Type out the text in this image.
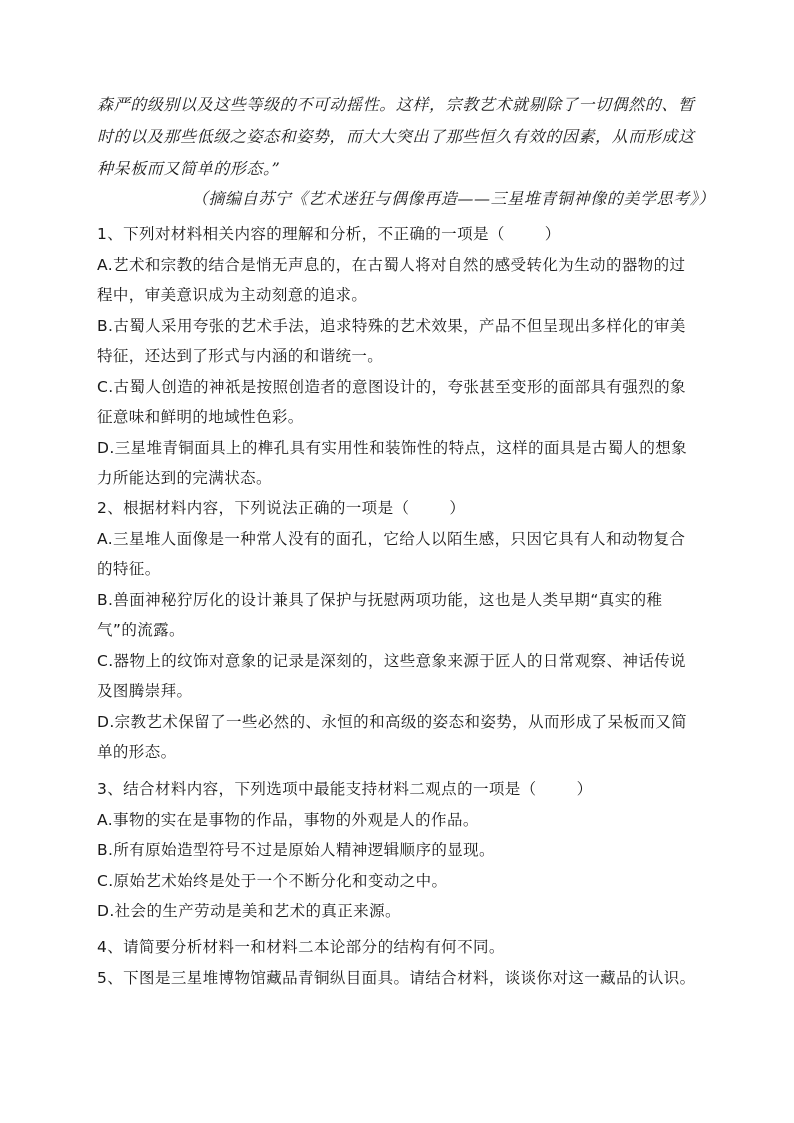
森严的级别以及这些等级的不可动摇性。这样，宗教艺术就剔除了一切偶然的、暂时的以及那些低级之姿态和姿势，而大大突出了那些恒久有效的因素，从而形成这种呆板而又简单的形态。”

（摘编自苏宁《艺术迷狂与偶像再造——三星堆青铜神像的美学思考》）
1、下列对材料相关内容的理解和分析，不正确的一项是（	）
A.艺术和宗教的结合是悄无声息的，在古蜀人将对自然的感受转化为生动的器物的过程中，审美意识成为主动刻意的追求。
B.古蜀人采用夸张的艺术手法，追求特殊的艺术效果，产品不但呈现出多样化的审美特征，还达到了形式与内涵的和谐统一。
C.古蜀人创造的神祇是按照创造者的意图设计的，夸张甚至变形的面部具有强烈的象征意味和鲜明的地域性色彩。
D.三星堆青铜面具上的榫孔具有实用性和装饰性的特点，这样的面具是古蜀人的想象力所能达到的完满状态。
2、根据材料内容，下列说法正确的一项是（	）
A.三星堆人面像是一种常人没有的面孔，它给人以陌生感，只因它具有人和动物复合的特征。
B.兽面神秘狞厉化的设计兼具了保护与抚慰两项功能，这也是人类早期“真实的稚气”的流露。
C.器物上的纹饰对意象的记录是深刻的，这些意象来源于匠人的日常观察、神话传说及图腾崇拜。
D.宗教艺术保留了一些必然的、永恒的和高级的姿态和姿势，从而形成了呆板而又简单的形态。
3、结合材料内容，下列选项中最能支持材料二观点的一项是（	）
A.事物的实在是事物的作品，事物的外观是人的作品。
B.所有原始造型符号不过是原始人精神逻辑顺序的显现。
C.原始艺术始终是处于一个不断分化和变动之中。
D.社会的生产劳动是美和艺术的真正来源。
4、请简要分析材料一和材料二本论部分的结构有何不同。
5、下图是三星堆博物馆藏品青铜纵目面具。请结合材料，谈谈你对这一藏品的认识。
